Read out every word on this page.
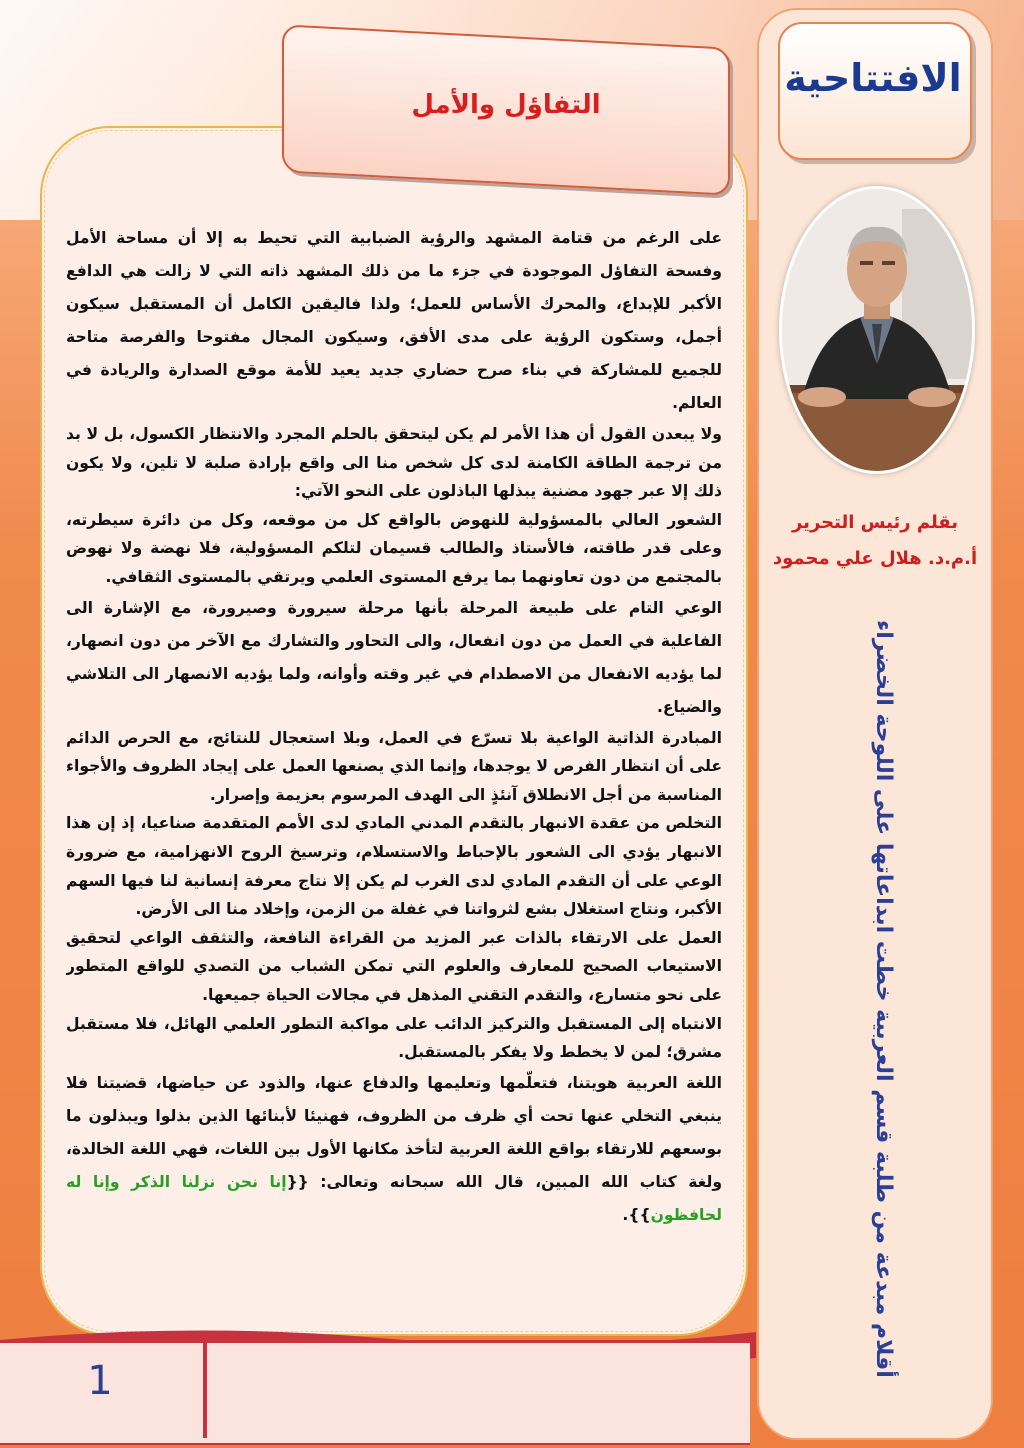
الافتتاحية
بقلم رئيس التحرير
أ.م.د. هلال علي محمود
أقلام مبدعة من طلبة قسم العربية خطت ابداعاتها على اللوحة الخضراء
التفاؤل والأمل

على الرغم من قتامة المشهد والرؤية الضبابية التي تحيط به إلا أن مساحة الأمل وفسحة التفاؤل الموجودة في جزء ما من ذلك المشهد ذاته التي لا زالت هي الدافع الأكبر للإبداع، والمحرك الأساس للعمل؛ ولذا فاليقين الكامل أن المستقبل سيكون أجمل، وستكون الرؤية على مدى الأفق، وسيكون المجال مفتوحا والفرصة متاحة للجميع للمشاركة في بناء صرح حضاري جديد يعيد للأمة موقع الصدارة والريادة في العالم.

ولا يبعدن القول أن هذا الأمر لم يكن ليتحقق بالحلم المجرد والانتظار الكسول، بل لا بد من ترجمة الطاقة الكامنة لدى كل شخص منا الى واقع بإرادة صلبة لا تلين، ولا يكون ذلك إلا عبر جهود مضنية يبذلها الباذلون على النحو الآتي:

الشعور العالي بالمسؤولية للنهوض بالواقع كل من موقعه، وكل من دائرة سيطرته، وعلى قدر طاقته، فالأستاذ والطالب قسيمان لتلكم المسؤولية، فلا نهضة ولا نهوض بالمجتمع من دون تعاونهما بما يرفع المستوى العلمي ويرتقي بالمستوى الثقافي.

الوعي التام على طبيعة المرحلة بأنها مرحلة سيرورة وصيرورة، مع الإشارة الى الفاعلية في العمل من دون انفعال، والى التحاور والتشارك مع الآخر من دون انصهار، لما يؤديه الانفعال من الاصطدام في غير وقته وأوانه، ولما يؤديه الانصهار الى التلاشي والضياع.

المبادرة الذاتية الواعية بلا تسرّع في العمل، وبلا استعجال للنتائج، مع الحرص الدائم على أن انتظار الفرص لا يوجدها، وإنما الذي يصنعها العمل على إيجاد الظروف والأجواء المناسبة من أجل الانطلاق آنئذٍ الى الهدف المرسوم بعزيمة وإصرار.

التخلص من عقدة الانبهار بالتقدم المدني المادي لدى الأمم المتقدمة صناعيا، إذ إن هذا الانبهار يؤدي الى الشعور بالإحباط والاستسلام، وترسيخ الروح الانهزامية، مع ضرورة الوعي على أن التقدم المادي لدى الغرب لم يكن إلا نتاج معرفة إنسانية لنا فيها السهم الأكبر، ونتاج استغلال بشع لثرواتنا في غفلة من الزمن، وإخلاد منا الى الأرض.

العمل على الارتقاء بالذات عبر المزيد من القراءة النافعة، والتثقف الواعي لتحقيق الاستيعاب الصحيح للمعارف والعلوم التي تمكن الشباب من التصدي للواقع المتطور على نحو متسارع، والتقدم التقني المذهل في مجالات الحياة جميعها.

الانتباه إلى المستقبل والتركيز الدائب على مواكبة التطور العلمي الهائل، فلا مستقبل مشرق؛ لمن لا يخطط ولا يفكر بالمستقبل.

اللغة العربية هويتنا، فتعلّمها وتعليمها والدفاع عنها، والذود عن حياضها، قضيتنا فلا ينبغي التخلي عنها تحت أي ظرف من الظروف، فهنيئا لأبنائها الذين بذلوا ويبذلون ما بوسعهم للارتقاء بواقع اللغة العربية لتأخذ مكانها الأول بين اللغات، فهي اللغة الخالدة، ولغة كتاب الله المبين، قال الله سبحانه وتعالى: {{إنا نحن نزلنا الذكر وإنا له لحافظون}}.

1
